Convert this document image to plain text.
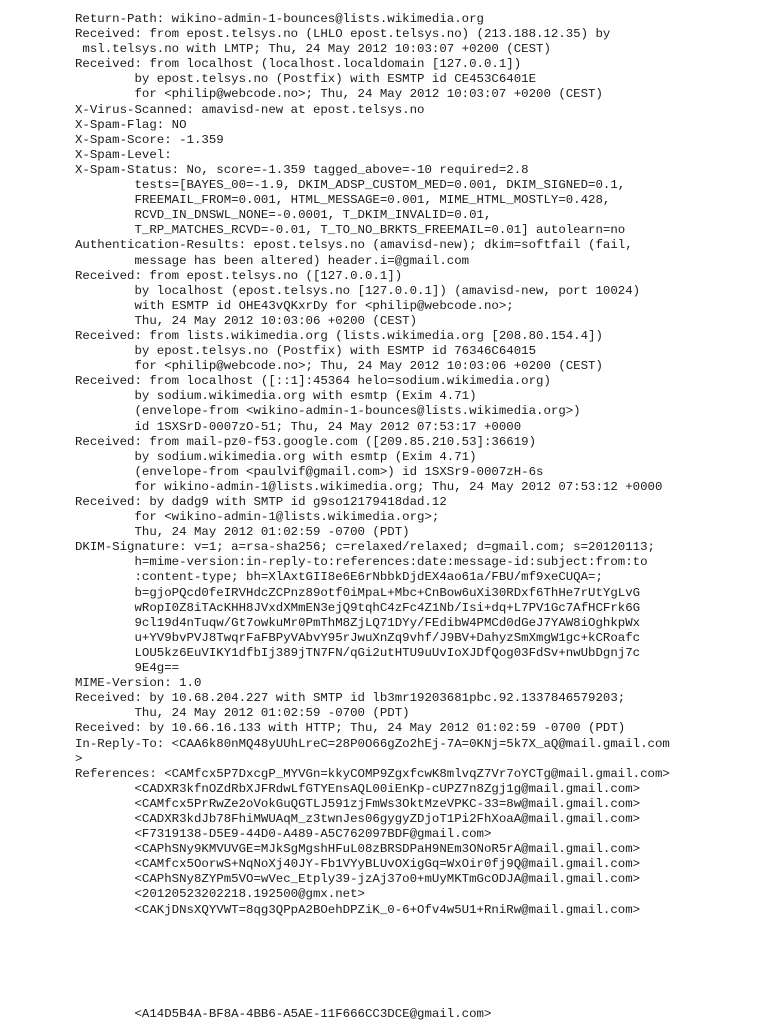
Return-Path: wikino-admin-1-bounces@lists.wikimedia.org
Received: from epost.telsys.no (LHLO epost.telsys.no) (213.188.12.35) by
msl.telsys.no with LMTP; Thu, 24 May 2012 10:03:07 +0200 (CEST)
Received: from localhost (localhost.localdomain [127.0.0.1])
by epost.telsys.no (Postfix) with ESMTP id CE453C6401E
for <philip@webcode.no>; Thu, 24 May 2012 10:03:07 +0200 (CEST)
X-Virus-Scanned: amavisd-new at epost.telsys.no
X-Spam-Flag: NO
X-Spam-Score: -1.359
X-Spam-Level:
X-Spam-Status: No, score=-1.359 tagged_above=-10 required=2.8
tests=[BAYES_00=-1.9, DKIM_ADSP_CUSTOM_MED=0.001, DKIM_SIGNED=0.1,
FREEMAIL_FROM=0.001, HTML_MESSAGE=0.001, MIME_HTML_MOSTLY=0.428,
RCVD_IN_DNSWL_NONE=-0.0001, T_DKIM_INVALID=0.01,
T_RP_MATCHES_RCVD=-0.01, T_TO_NO_BRKTS_FREEMAIL=0.01] autolearn=no
Authentication-Results: epost.telsys.no (amavisd-new); dkim=softfail (fail,
message has been altered) header.i=@gmail.com
Received: from epost.telsys.no ([127.0.0.1])
by localhost (epost.telsys.no [127.0.0.1]) (amavisd-new, port 10024)
with ESMTP id OHE43vQKxrDy for <philip@webcode.no>;
Thu, 24 May 2012 10:03:06 +0200 (CEST)
Received: from lists.wikimedia.org (lists.wikimedia.org [208.80.154.4])
by epost.telsys.no (Postfix) with ESMTP id 76346C64015
for <philip@webcode.no>; Thu, 24 May 2012 10:03:06 +0200 (CEST)
Received: from localhost ([::1]:45364 helo=sodium.wikimedia.org)
by sodium.wikimedia.org with esmtp (Exim 4.71)
(envelope-from <wikino-admin-1-bounces@lists.wikimedia.org>)
id 1SXSrD-0007zO-51; Thu, 24 May 2012 07:53:17 +0000
Received: from mail-pz0-f53.google.com ([209.85.210.53]:36619)
by sodium.wikimedia.org with esmtp (Exim 4.71)
(envelope-from <paulvif@gmail.com>) id 1SXSr9-0007zH-6s
for wikino-admin-1@lists.wikimedia.org; Thu, 24 May 2012 07:53:12 +0000
Received: by dadg9 with SMTP id g9so12179418dad.12
for <wikino-admin-1@lists.wikimedia.org>;
Thu, 24 May 2012 01:02:59 -0700 (PDT)
DKIM-Signature: v=1; a=rsa-sha256; c=relaxed/relaxed; d=gmail.com; s=20120113;
h=mime-version:in-reply-to:references:date:message-id:subject:from:to
:content-type; bh=XlAxtGII8e6E6rNbbkDjdEX4ao61a/FBU/mf9xeCUQA=;
b=gjoPQcd0feIRVHdcZCPnz89otf0iMpaL+Mbc+CnBow6uXi30RDxf6ThHe7rUtYgLvG
wRopI0Z8iTAcKHH8JVxdXMmEN3ejQ9tqhC4zFc4Z1Nb/Isi+dq+L7PV1Gc7AfHCFrk6G
9cl19d4nTuqw/Gt7owkuMr0PmThM8ZjLQ71DYy/FEdibW4PMCd0dGeJ7YAW8iOghkpWx
u+YV9bvPVJ8TwqrFaFBPyVAbvY95rJwuXnZq9vhf/J9BV+DahyzSmXmgW1gc+kCRoafc
LOU5kz6EuVIKY1dfbIj389jTN7FN/qGi2utHTU9uUvIoXJDfQog03FdSv+nwUbDgnj7c
9E4g==
MIME-Version: 1.0
Received: by 10.68.204.227 with SMTP id lb3mr19203681pbc.92.1337846579203;
Thu, 24 May 2012 01:02:59 -0700 (PDT)
Received: by 10.66.16.133 with HTTP; Thu, 24 May 2012 01:02:59 -0700 (PDT)
In-Reply-To: <CAA6k80nMQ48yUUhLreC=28P0O66gZo2hEj-7A=0KNj=5k7X_aQ@mail.gmail.com
>
References: <CAMfcx5P7DxcgP_MYVGn=kkyCOMP9ZgxfcwK8mlvqZ7Vr7oYCTg@mail.gmail.com>
<CADXR3kfnOZdRbXJFRdwLfGTYEnsAQL00iEnKp-cUPZ7n8Zgj1g@mail.gmail.com>
<CAMfcx5PrRwZe2oVokGuQGTLJ591zjFmWs3OktMzeVPKC-33=8w@mail.gmail.com>
<CADXR3kdJb78FhiMWUAqM_z3twnJes06gygyZDjoT1Pi2FhXoaA@mail.gmail.com>
<F7319138-D5E9-44D0-A489-A5C762097BDF@gmail.com>
<CAPhSNy9KMVUVGE=MJkSgMgshHFuL08zBRSDPaH9NEm3ONoR5rA@mail.gmail.com>
<CAMfcx5OorwS+NqNoXj40JY-Fb1VYyBLUvOXigGq=WxOir0fj9Q@mail.gmail.com>
<CAPhSNy8ZYPm5VO=wVec_Etply39-jzAj37o0+mUyMKTmGcODJA@mail.gmail.com>
<20120523202218.192500@gmx.net>
<CAKjDNsXQYVWT=8qg3QPpA2BOehDPZiK_0-6+Ofv4w5U1+RniRw@mail.gmail.com>
<A14D5B4A-BF8A-4BB6-A5AE-11F666CC3DCE@gmail.com>
